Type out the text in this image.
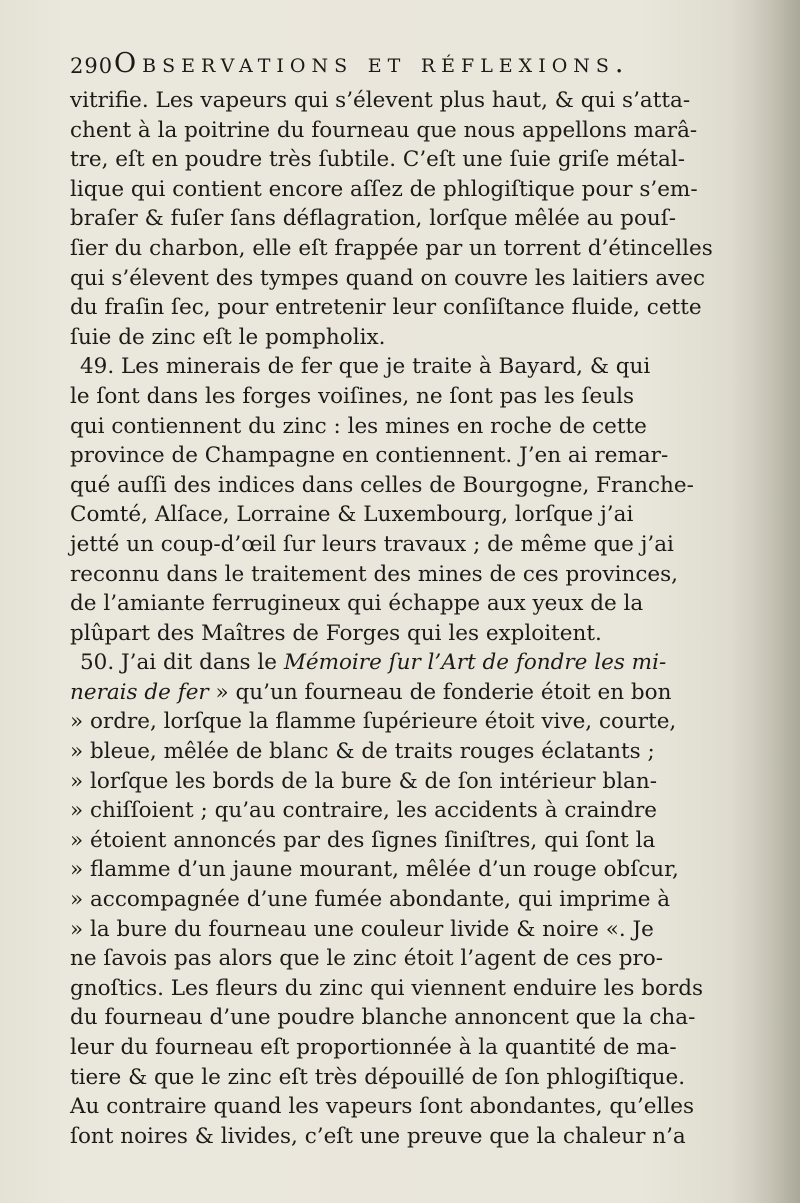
290 Observations et réflexions.
vitrifie. Les vapeurs qui s’élevent plus haut, & qui s’atta-
chent à la poitrine du fourneau que nous appellons marâ-
tre, eſt en poudre très ſubtile. C’eſt une ſuie griſe métal-
lique qui contient encore aſſez de phlogiſtique pour s’em-
braſer & fuſer ſans déflagration, lorſque mêlée au pouſ-
ſier du charbon, elle eſt frappée par un torrent d’étincelles
qui s’élevent des tympes quand on couvre les laitiers avec
du fraſin ſec, pour entretenir leur conſiſtance fluide, cette
ſuie de zinc eſt le pompholix.
49. Les minerais de fer que je traite à Bayard, & qui
le ſont dans les forges voiſines, ne ſont pas les ſeuls
qui contiennent du zinc : les mines en roche de cette
province de Champagne en contiennent. J’en ai remar-
qué auſſi des indices dans celles de Bourgogne, Franche-
Comté, Alſace, Lorraine & Luxembourg, lorſque j’ai
jetté un coup-d’œil ſur leurs travaux ; de même que j’ai
reconnu dans le traitement des mines de ces provinces,
de l’amiante ferrugineux qui échappe aux yeux de la
plûpart des Maîtres de Forges qui les exploitent.
50. J’ai dit dans le Mémoire ſur l’Art de fondre les mi-
nerais de fer » qu’un fourneau de fonderie étoit en bon
» ordre, lorſque la flamme ſupérieure étoit vive, courte,
» bleue, mêlée de blanc & de traits rouges éclatants ;
» lorſque les bords de la bure & de ſon intérieur blan-
» chiſſoient ; qu’au contraire, les accidents à craindre
» étoient annoncés par des ſignes ſiniſtres, qui ſont la
» flamme d’un jaune mourant, mêlée d’un rouge obſcur,
» accompagnée d’une fumée abondante, qui imprime à
» la bure du fourneau une couleur livide & noire «. Je
ne ſavois pas alors que le zinc étoit l’agent de ces pro-
gnoſtics. Les fleurs du zinc qui viennent enduire les bords
du fourneau d’une poudre blanche annoncent que la cha-
leur du fourneau eſt proportionnée à la quantité de ma-
tiere & que le zinc eſt très dépouillé de ſon phlogiſtique.
Au contraire quand les vapeurs ſont abondantes, qu’elles
ſont noires & livides, c’eſt une preuve que la chaleur n’a
